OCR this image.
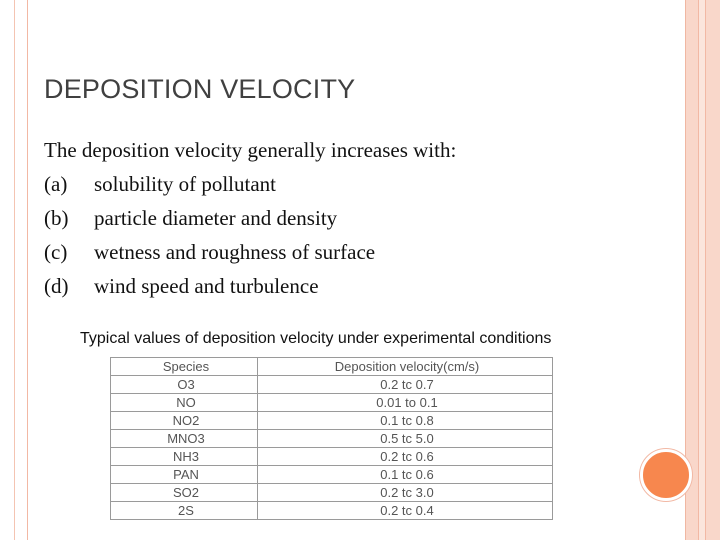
DEPOSITION VELOCITY
The deposition velocity generally increases with:
(a)	solubility of pollutant
(b)	particle diameter and density
(c)	wetness and roughness of surface
(d)	wind speed and turbulence
Typical values of deposition velocity under experimental conditions
Species	Deposition velocity(cm/s)
O3	0.2 tc 0.7
NO	0.01 to 0.1
NO2	0.1 tc 0.8
MNO3	0.5 tc 5.0
NH3	0.2 tc 0.6
PAN	0.1 tc 0.6
SO2	0.2 tc 3.0
2S	0.2 tc 0.4
